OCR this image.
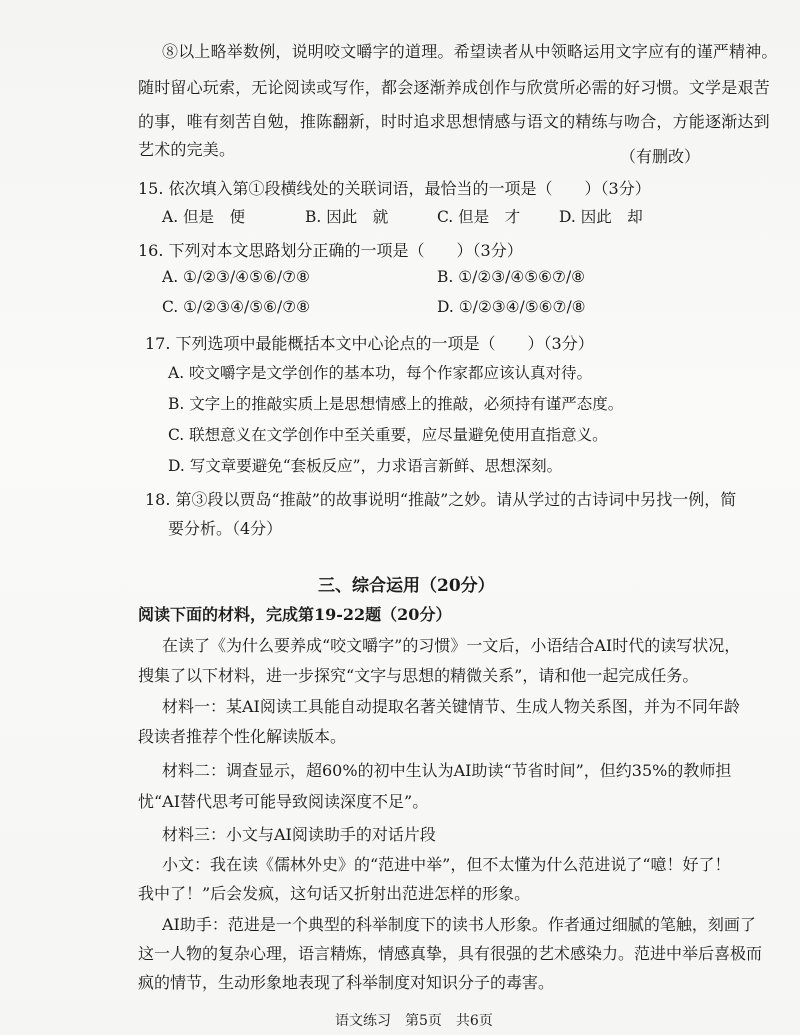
⑧以上略举数例，说明咬文嚼字的道理。希望读者从中领略运用文字应有的谨严精神。
随时留心玩索，无论阅读或写作，都会逐渐养成创作与欣赏所必需的好习惯。文学是艰苦
的事，唯有刻苦自勉，推陈翻新，时时追求思想情感与语文的精练与吻合，方能逐渐达到
艺术的完美。	（有删改）
15. 依次填入第①段横线处的关联词语，最恰当的一项是（　　）（3分）
A. 但是　便	B. 因此　就	C. 但是　才	D. 因此　却
16. 下列对本文思路划分正确的一项是（　　）（3分）
A. ①/②③/④⑤⑥/⑦⑧	B. ①/②③/④⑤⑥⑦/⑧
C. ①/②③④/⑤⑥/⑦⑧	D. ①/②③④/⑤⑥⑦/⑧
17. 下列选项中最能概括本文中心论点的一项是（　　）（3分）
A. 咬文嚼字是文学创作的基本功，每个作家都应该认真对待。
B. 文字上的推敲实质上是思想情感上的推敲，必须持有谨严态度。
C. 联想意义在文学创作中至关重要，应尽量避免使用直指意义。
D. 写文章要避免“套板反应”，力求语言新鲜、思想深刻。
18. 第③段以贾岛“推敲”的故事说明“推敲”之妙。请从学过的古诗词中另找一例，简
要分析。（4分）
三、综合运用（20分）
阅读下面的材料，完成第19-22题（20分）
在读了《为什么要养成“咬文嚼字”的习惯》一文后，小语结合AI时代的读写状况，
搜集了以下材料，进一步探究“文字与思想的精微关系”，请和他一起完成任务。
材料一：某AI阅读工具能自动提取名著关键情节、生成人物关系图，并为不同年龄
段读者推荐个性化解读版本。
材料二：调查显示，超60%的初中生认为AI助读“节省时间”，但约35%的教师担
忧“AI替代思考可能导致阅读深度不足”。
材料三：小文与AI阅读助手的对话片段
小文：我在读《儒林外史》的“范进中举”，但不太懂为什么范进说了“噫！好了！
我中了！”后会发疯，这句话又折射出范进怎样的形象。
AI助手：范进是一个典型的科举制度下的读书人形象。作者通过细腻的笔触，刻画了
这一人物的复杂心理，语言精炼，情感真挚，具有很强的艺术感染力。范进中举后喜极而
疯的情节，生动形象地表现了科举制度对知识分子的毒害。
语文练习　第5页　共6页
